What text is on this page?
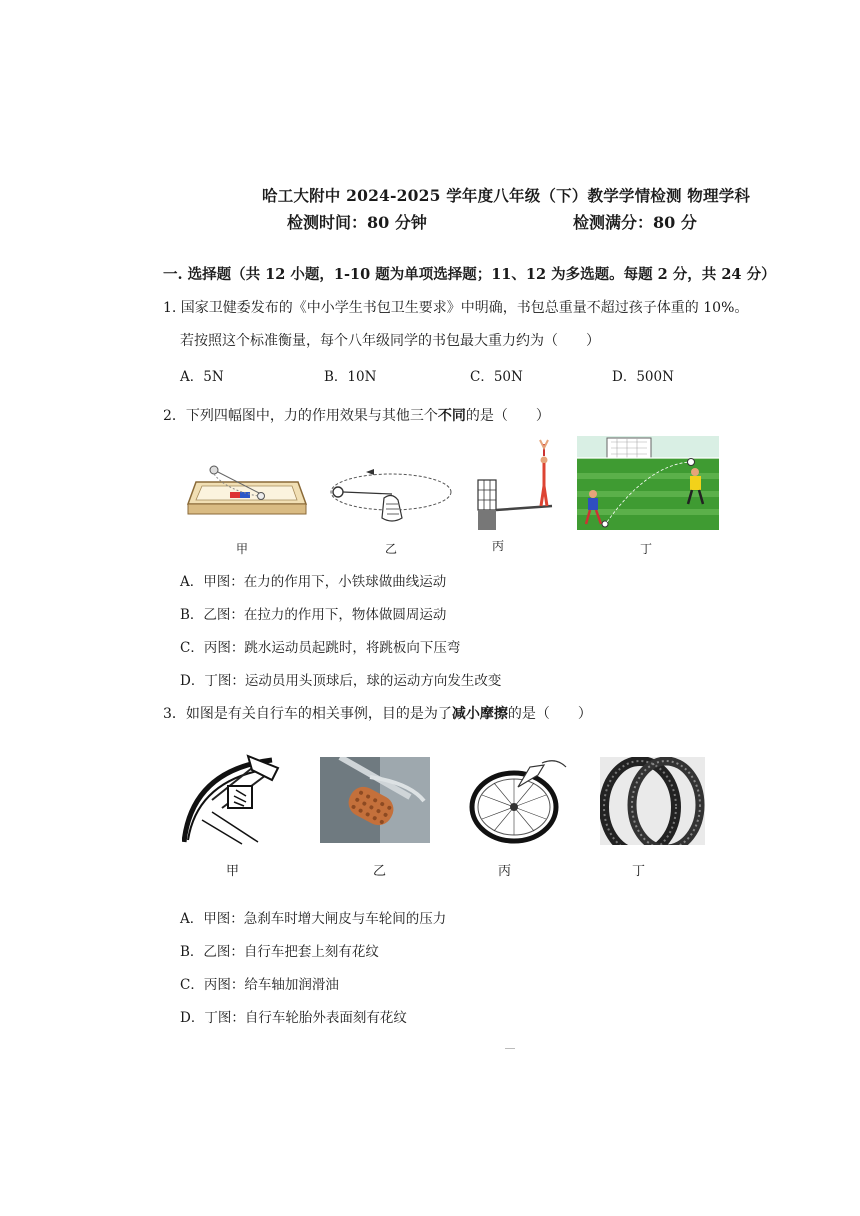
哈工大附中 2024-2025 学年度八年级（下）教学学情检测 物理学科
检测时间：80 分钟	检测满分：80 分
一. 选择题（共 12 小题，1-10 题为单项选择题；11、12 为多选题。每题 2 分，共 24 分）
1. 国家卫健委发布的《中小学生书包卫生要求》中明确，书包总重量不超过孩子体重的 10%。
若按照这个标准衡量，每个八年级同学的书包最大重力约为（　　）
A．5N	B．10N	C．50N	D．500N
2．下列四幅图中，力的作用效果与其他三个不同的是（　　）
甲	乙	丙	丁
A．甲图：在力的作用下，小铁球做曲线运动
B．乙图：在拉力的作用下，物体做圆周运动
C．丙图：跳水运动员起跳时，将跳板向下压弯
D．丁图：运动员用头顶球后，球的运动方向发生改变
3．如图是有关自行车的相关事例，目的是为了减小摩擦的是（　　）
甲	乙	丙	丁
A．甲图：急刹车时增大闸皮与车轮间的压力
B．乙图：自行车把套上刻有花纹
C．丙图：给车轴加润滑油
D．丁图：自行车轮胎外表面刻有花纹
